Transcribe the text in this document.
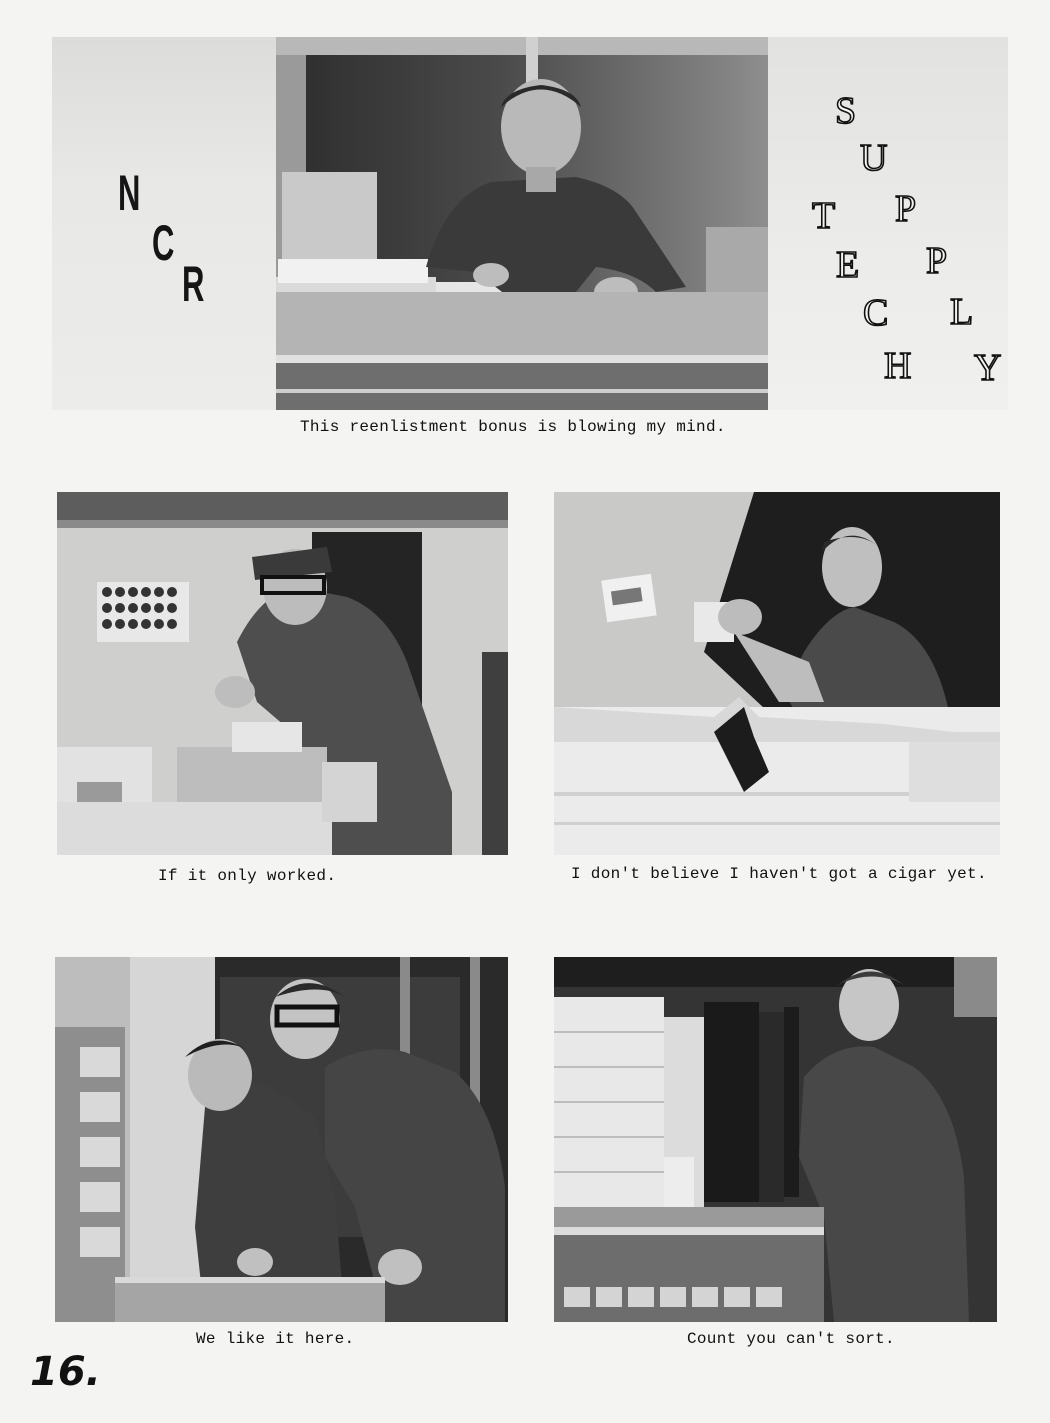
N
C
R
S
U
T P
E P
C L
H Y
This reenlistment bonus is blowing my mind.
If it only worked.	I don't believe I haven't got a cigar yet.
We like it here.	Count you can't sort.
16.
